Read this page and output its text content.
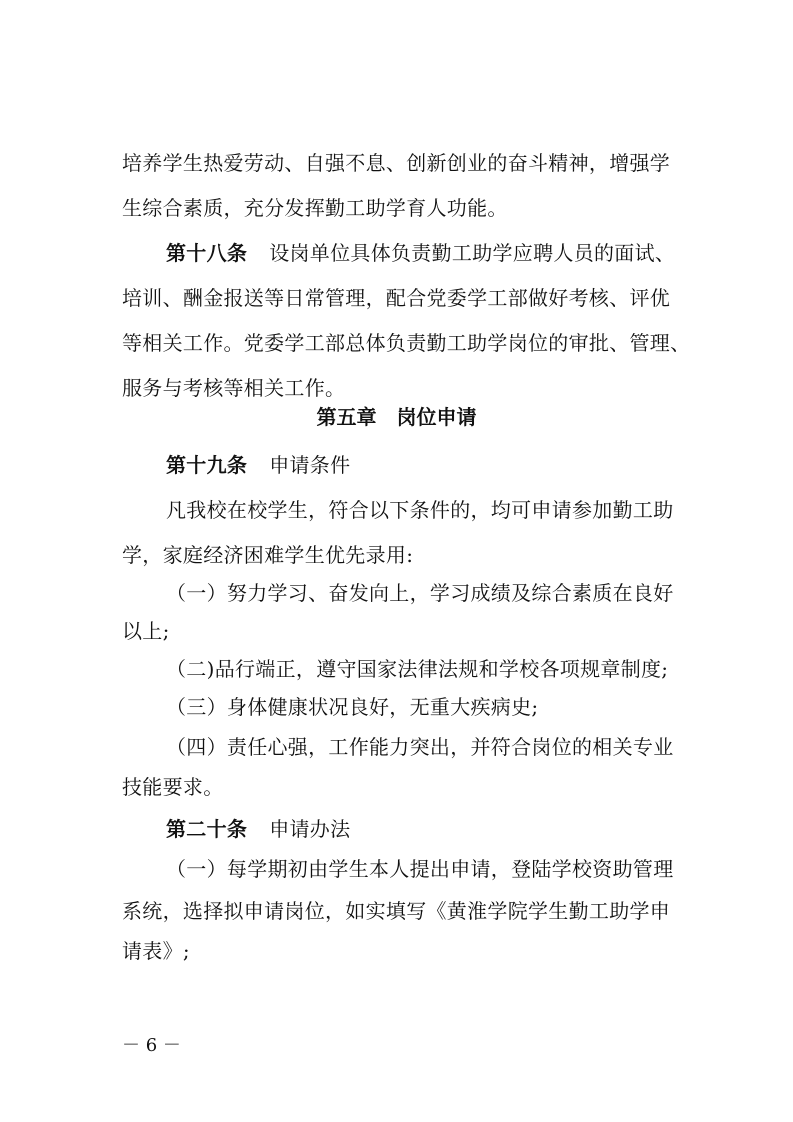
培养学生热爱劳动、自强不息、创新创业的奋斗精神，增强学
生综合素质，充分发挥勤工助学育人功能。
第十八条 设岗单位具体负责勤工助学应聘人员的面试、
培训、酬金报送等日常管理，配合党委学工部做好考核、评优
等相关工作。党委学工部总体负责勤工助学岗位的审批、管理、
服务与考核等相关工作。
第五章　岗位申请
第十九条 申请条件
凡我校在校学生，符合以下条件的，均可申请参加勤工助
学，家庭经济困难学生优先录用:
（一）努力学习、奋发向上，学习成绩及综合素质在良好
以上;
（二)品行端正，遵守国家法律法规和学校各项规章制度;
（三）身体健康状况良好，无重大疾病史;
（四）责任心强，工作能力突出，并符合岗位的相关专业
技能要求。
第二十条 申请办法
（一）每学期初由学生本人提出申请，登陆学校资助管理
系统，选择拟申请岗位，如实填写《黄淮学院学生勤工助学申
请表》;
－ 6 －
